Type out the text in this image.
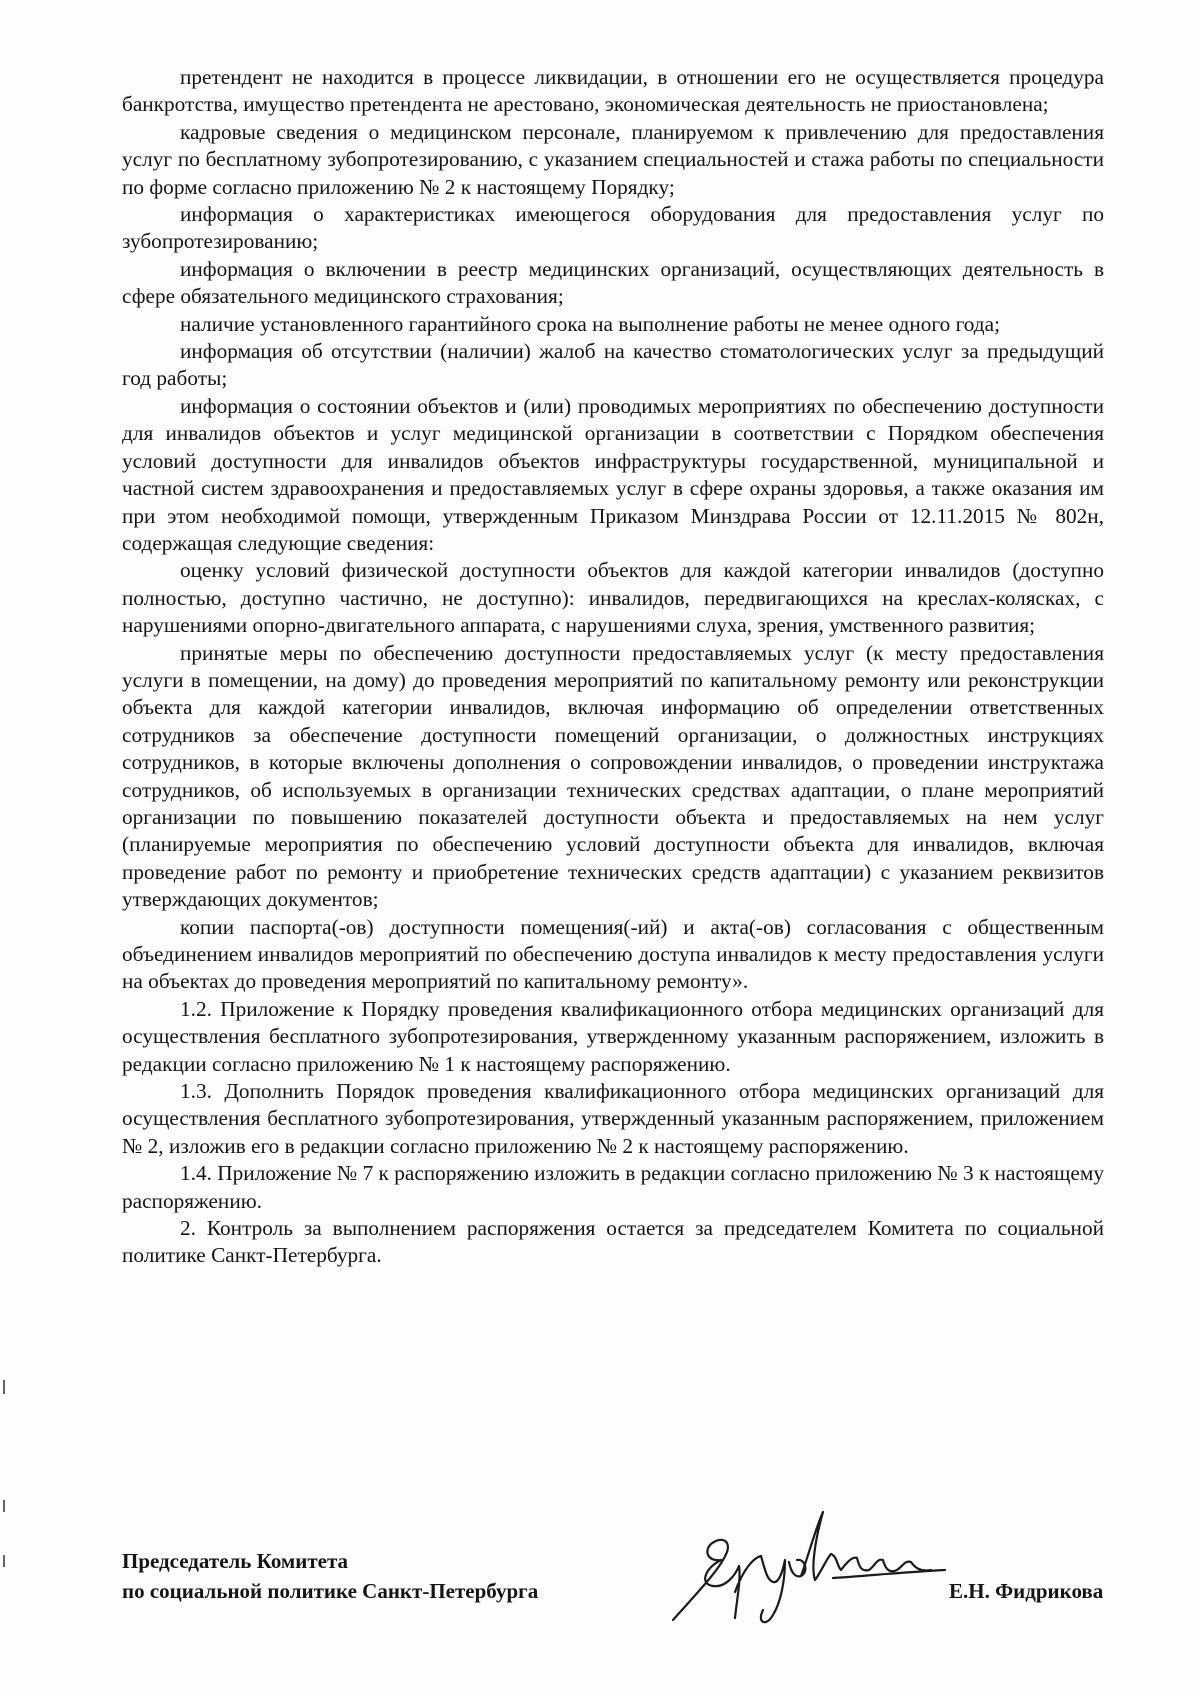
претендент не находится в процессе ликвидации, в отношении его не осуществляется процедура банкротства, имущество претендента не арестовано, экономическая деятельность не приостановлена;

кадровые сведения о медицинском персонале, планируемом к привлечению для предоставления услуг по бесплатному зубопротезированию, с указанием специальностей и стажа работы по специальности по форме согласно приложению № 2 к настоящему Порядку;

информация о характеристиках имеющегося оборудования для предоставления услуг по зубопротезированию;

информация о включении в реестр медицинских организаций, осуществляющих деятельность в сфере обязательного медицинского страхования;

наличие установленного гарантийного срока на выполнение работы не менее одного года;

информация об отсутствии (наличии) жалоб на качество стоматологических услуг за предыдущий год работы;

информация о состоянии объектов и (или) проводимых мероприятиях по обеспечению доступности для инвалидов объектов и услуг медицинской организации в соответствии с Порядком обеспечения условий доступности для инвалидов объектов инфраструктуры государственной, муниципальной и частной систем здравоохранения и предоставляемых услуг в сфере охраны здоровья, а также оказания им при этом необходимой помощи, утвержденным Приказом Минздрава России от 12.11.2015 № 802н, содержащая следующие сведения:

оценку условий физической доступности объектов для каждой категории инвалидов (доступно полностью, доступно частично, не доступно): инвалидов, передвигающихся на креслах-колясках, с нарушениями опорно-двигательного аппарата, с нарушениями слуха, зрения, умственного развития;

принятые меры по обеспечению доступности предоставляемых услуг (к месту предоставления услуги в помещении, на дому) до проведения мероприятий по капитальному ремонту или реконструкции объекта для каждой категории инвалидов, включая информацию об определении ответственных сотрудников за обеспечение доступности помещений организации, о должностных инструкциях сотрудников, в которые включены дополнения о сопровождении инвалидов, о проведении инструктажа сотрудников, об используемых в организации технических средствах адаптации, о плане мероприятий организации по повышению показателей доступности объекта и предоставляемых на нем услуг (планируемые мероприятия по обеспечению условий доступности объекта для инвалидов, включая проведение работ по ремонту и приобретение технических средств адаптации) с указанием реквизитов утверждающих документов;

копии паспорта(-ов) доступности помещения(-ий) и акта(-ов) согласования с общественным объединением инвалидов мероприятий по обеспечению доступа инвалидов к месту предоставления услуги на объектах до проведения мероприятий по капитальному ремонту».

1.2. Приложение к Порядку проведения квалификационного отбора медицинских организаций для осуществления бесплатного зубопротезирования, утвержденному указанным распоряжением, изложить в редакции согласно приложению № 1 к настоящему распоряжению.

1.3. Дополнить Порядок проведения квалификационного отбора медицинских организаций для осуществления бесплатного зубопротезирования, утвержденный указанным распоряжением, приложением № 2, изложив его в редакции согласно приложению № 2 к настоящему распоряжению.

1.4. Приложение № 7 к распоряжению изложить в редакции согласно приложению № 3 к настоящему распоряжению.

2. Контроль за выполнением распоряжения остается за председателем Комитета по социальной политике Санкт-Петербурга.

Председатель Комитета
по социальной политике Санкт-Петербурга	Е.Н. Фидрикова
